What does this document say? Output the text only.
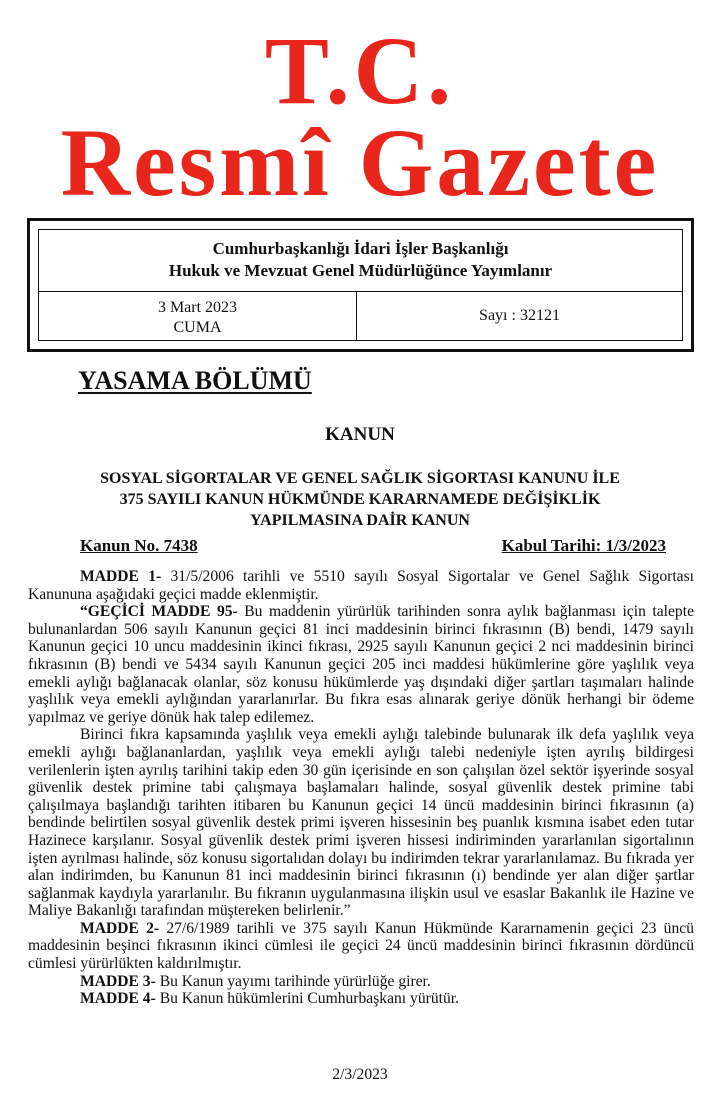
T.C.
Resmî Gazete
Cumhurbaşkanlığı İdari İşler Başkanlığı
Hukuk ve Mevzuat Genel Müdürlüğünce Yayımlanır
3 Mart 2023
CUMA
Sayı : 32121
YASAMA BÖLÜMÜ
KANUN
SOSYAL SİGORTALAR VE GENEL SAĞLIK SİGORTASI KANUNU İLE
375 SAYILI KANUN HÜKMÜNDE KARARNAMEDE DEĞİŞİKLİK
YAPILMASINA DAİR KANUN
Kanun No. 7438	Kabul Tarihi: 1/3/2023

MADDE 1- 31/5/2006 tarihli ve 5510 sayılı Sosyal Sigortalar ve Genel Sağlık Sigortası Kanununa aşağıdaki geçici madde eklenmiştir.

“GEÇİCİ MADDE 95- Bu maddenin yürürlük tarihinden sonra aylık bağlanması için talepte bulunanlardan 506 sayılı Kanunun geçici 81 inci maddesinin birinci fıkrasının (B) bendi, 1479 sayılı Kanunun geçici 10 uncu maddesinin ikinci fıkrası, 2925 sayılı Kanunun geçici 2 nci maddesinin birinci fıkrasının (B) bendi ve 5434 sayılı Kanunun geçici 205 inci maddesi hükümlerine göre yaşlılık veya emekli aylığı bağlanacak olanlar, söz konusu hükümlerde yaş dışındaki diğer şartları taşımaları halinde yaşlılık veya emekli aylığından yararlanırlar. Bu fıkra esas alınarak geriye dönük herhangi bir ödeme yapılmaz ve geriye dönük hak talep edilemez.

Birinci fıkra kapsamında yaşlılık veya emekli aylığı talebinde bulunarak ilk defa yaşlılık veya emekli aylığı bağlananlardan, yaşlılık veya emekli aylığı talebi nedeniyle işten ayrılış bildirgesi verilenlerin işten ayrılış tarihini takip eden 30 gün içerisinde en son çalışılan özel sektör işyerinde sosyal güvenlik destek primine tabi çalışmaya başlamaları halinde, sosyal güvenlik destek primine tabi çalışılmaya başlandığı tarihten itibaren bu Kanunun geçici 14 üncü maddesinin birinci fıkrasının (a) bendinde belirtilen sosyal güvenlik destek primi işveren hissesinin beş puanlık kısmına isabet eden tutar Hazinece karşılanır. Sosyal güvenlik destek primi işveren hissesi indiriminden yararlanılan sigortalının işten ayrılması halinde, söz konusu sigortalıdan dolayı bu indirimden tekrar yararlanılamaz. Bu fıkrada yer alan indirimden, bu Kanunun 81 inci maddesinin birinci fıkrasının (ı) bendinde yer alan diğer şartlar sağlanmak kaydıyla yararlanılır. Bu fıkranın uygulanmasına ilişkin usul ve esaslar Bakanlık ile Hazine ve Maliye Bakanlığı tarafından müştereken belirlenir.”

MADDE 2- 27/6/1989 tarihli ve 375 sayılı Kanun Hükmünde Kararnamenin geçici 23 üncü maddesinin beşinci fıkrasının ikinci cümlesi ile geçici 24 üncü maddesinin birinci fıkrasının dördüncü cümlesi yürürlükten kaldırılmıştır.

MADDE 3- Bu Kanun yayımı tarihinde yürürlüğe girer.

MADDE 4- Bu Kanun hükümlerini Cumhurbaşkanı yürütür.

2/3/2023
